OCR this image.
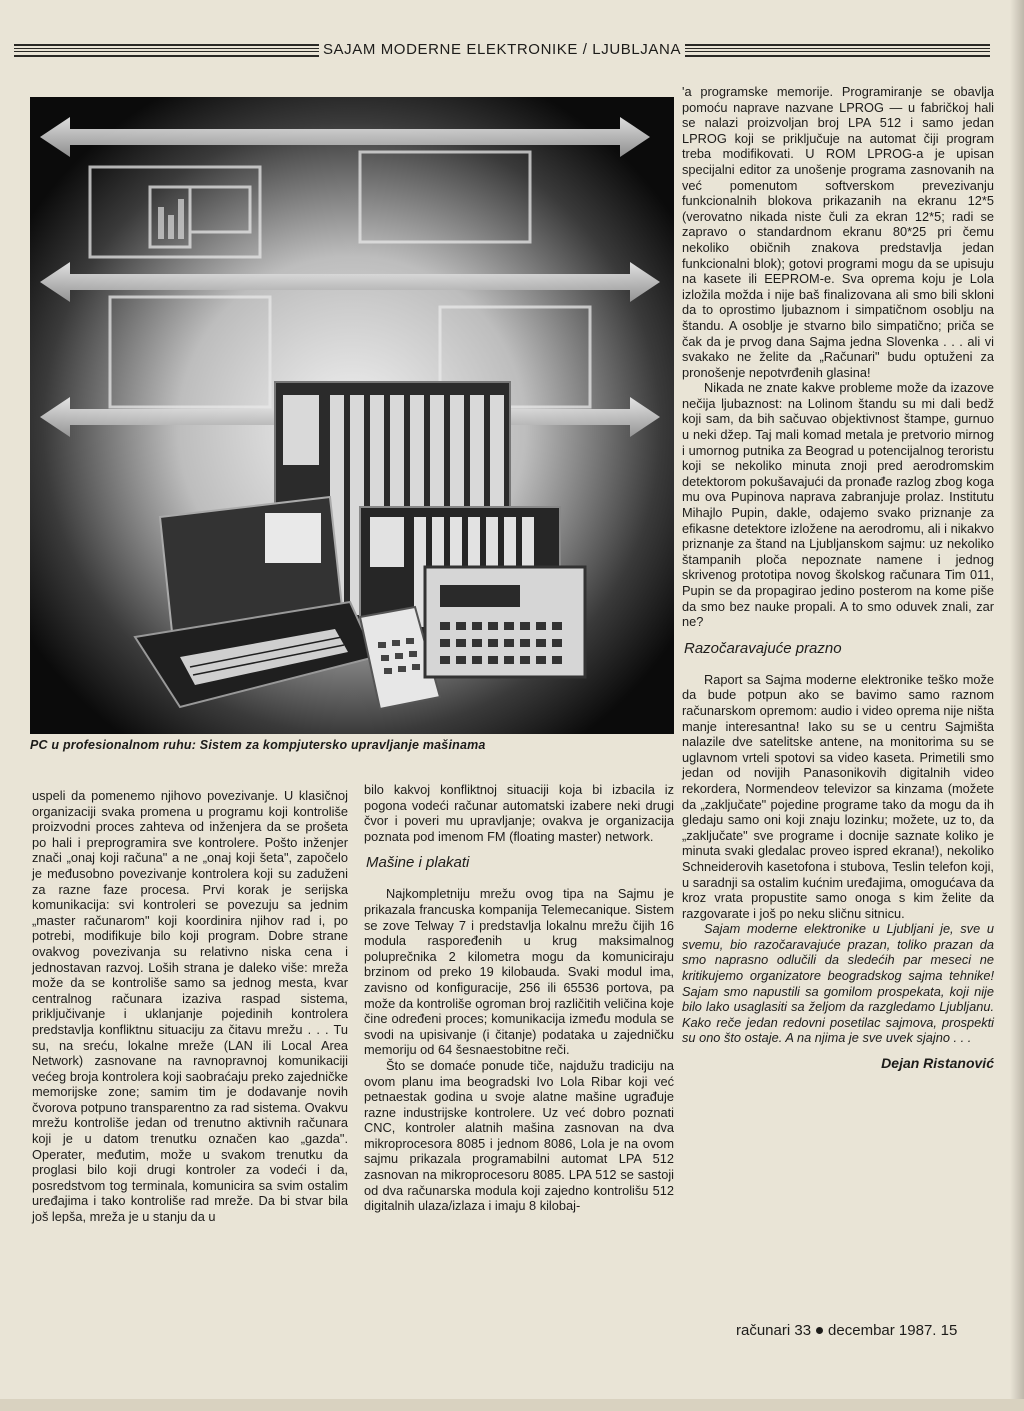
SAJAM MODERNE ELEKTRONIKE / LJUBLJANA
PC u profesionalnom ruhu: Sistem za kompjutersko upravljanje mašinama

'a programske memorije. Programiranje se obavlja pomoću naprave nazvane LPROG — u fabričkoj hali se nalazi proizvoljan broj LPA 512 i samo jedan LPROG koji se priključuje na automat čiji program treba modifikovati. U ROM LPROG-a je upisan specijalni editor za unošenje programa zasnovanih na već pomenutom softverskom prevezivanju funkcionalnih blokova prikazanih na ekranu 12*5 (verovatno nikada niste čuli za ekran 12*5; radi se zapravo o standardnom ekranu 80*25 pri čemu nekoliko običnih znakova predstavlja jedan funkcionalni blok); gotovi programi mogu da se upisuju na kasete ili EEPROM-e. Sva oprema koju je Lola izložila možda i nije baš finalizovana ali smo bili skloni da to oprostimo ljubaznom i simpatičnom osoblju na štandu. A osoblje je stvarno bilo simpatično; priča se čak da je prvog dana Sajma jedna Slovenka . . . ali vi svakako ne želite da „Računari" budu optuženi za pronošenje nepotvrđenih glasina!

Nikada ne znate kakve probleme može da izazove nečija ljubaznost: na Lolinom štandu su mi dali bedž koji sam, da bih sačuvao objektivnost štampe, gurnuo u neki džep. Taj mali komad metala je pretvorio mirnog i umornog putnika za Beograd u potencijalnog teroristu koji se nekoliko minuta znoji pred aerodromskim detektorom pokušavajući da pronađe razlog zbog koga mu ova Pupinova naprava zabranjuje prolaz. Institutu Mihajlo Pupin, dakle, odajemo svako priznanje za efikasne detektore izložene na aerodromu, ali i nikakvo priznanje za štand na Ljubljanskom sajmu: uz nekoliko štampanih ploča nepoznate namene i jednog skrivenog prototipa novog školskog računara Tim 011, Pupin se da propagirao jedino posterom na kome piše da smo bez nauke propali. A to smo oduvek znali, zar ne?

Razočaravajuće prazno

Raport sa Sajma moderne elektronike teško može da bude potpun ako se bavimo samo raznom računarskom opremom: audio i video oprema nije ništa manje interesantna! Iako su se u centru Sajmišta nalazile dve satelitske antene, na monitorima su se uglavnom vrteli spotovi sa video kaseta. Primetili smo jedan od novijih Panasonikovih digitalnih video rekordera, Normendeov televizor sa kinzama (možete da „zaključate" pojedine programe tako da mogu da ih gledaju samo oni koji znaju lozinku; možete, uz to, da „zaključate" sve programe i docnije saznate koliko je minuta svaki gledalac proveo ispred ekrana!), nekoliko Schneiderovih kasetofona i stubova, Teslin telefon koji, u saradnji sa ostalim kućnim uređajima, omogućava da kroz vrata propustite samo onoga s kim želite da razgovarate i još po neku sličnu sitnicu.

Sajam moderne elektronike u Ljubljani je, sve u svemu, bio razočaravajuće prazan, toliko prazan da smo naprasno odlučili da sledećih par meseci ne kritikujemo organizatore beogradskog sajma tehnike! Sajam smo napustili sa gomilom prospekata, koji nije bilo lako usaglasiti sa željom da razgledamo Ljubljanu. Kako reče jedan redovni posetilac sajmova, prospekti su ono što ostaje. A na njima je sve uvek sjajno . . .

Dejan Ristanović

uspeli da pomenemo njihovo povezivanje. U klasičnoj organizaciji svaka promena u programu koji kontroliše proizvodni proces zahteva od inženjera da se prošeta po hali i preprogramira sve kontrolere. Pošto inženjer znači „onaj koji računa" a ne „onaj koji šeta", započelo je međusobno povezivanje kontrolera koji su zaduženi za razne faze procesa. Prvi korak je serijska komunikacija: svi kontroleri se povezuju sa jednim „master računarom" koji koordinira njihov rad i, po potrebi, modifikuje bilo koji program. Dobre strane ovakvog povezivanja su relativno niska cena i jednostavan razvoj. Loših strana je daleko više: mreža može da se kontroliše samo sa jednog mesta, kvar centralnog računara izaziva raspad sistema, priključivanje i uklanjanje pojedinih kontrolera predstavlja konfliktnu situaciju za čitavu mrežu . . . Tu su, na sreću, lokalne mreže (LAN ili Local Area Network) zasnovane na ravnopravnoj komunikaciji većeg broja kontrolera koji saobraćaju preko zajedničke memorijske zone; samim tim je dodavanje novih čvorova potpuno transparentno za rad sistema. Ovakvu mrežu kontroliše jedan od trenutno aktivnih računara koji je u datom trenutku označen kao „gazda". Operater, međutim, može u svakom trenutku da proglasi bilo koji drugi kontroler za vodeći i da, posredstvom tog terminala, komunicira sa svim ostalim uređajima i tako kontroliše rad mreže. Da bi stvar bila još lepša, mreža je u stanju da u

bilo kakvoj konfliktnoj situaciji koja bi izbacila iz pogona vodeći računar automatski izabere neki drugi čvor i poveri mu upravljanje; ovakva je organizacija poznata pod imenom FM (floating master) network.

Mašine i plakati

Najkompletniju mrežu ovog tipa na Sajmu je prikazala francuska kompanija Telemecanique. Sistem se zove Telway 7 i predstavlja lokalnu mrežu čijih 16 modula raspoređenih u krug maksimalnog poluprečnika 2 kilometra mogu da komuniciraju brzinom od preko 19 kilobauda. Svaki modul ima, zavisno od konfiguracije, 256 ili 65536 portova, pa može da kontroliše ogroman broj različitih veličina koje čine određeni proces; komunikacija između modula se svodi na upisivanje (i čitanje) podataka u zajedničku memoriju od 64 šesnaestobitne reči.

Što se domaće ponude tiče, najdužu tradiciju na ovom planu ima beogradski Ivo Lola Ribar koji već petnaestak godina u svoje alatne mašine ugrađuje razne industrijske kontrolere. Uz već dobro poznati CNC, kontroler alatnih mašina zasnovan na dva mikroprocesora 8085 i jednom 8086, Lola je na ovom sajmu prikazala programabilni automat LPA 512 zasnovan na mikroprocesoru 8085. LPA 512 se sastoji od dva računarska modula koji zajedno kontrolišu 512 digitalnih ulaza/izlaza i imaju 8 kilobaj-

računari 33 decembar 1987. 15
